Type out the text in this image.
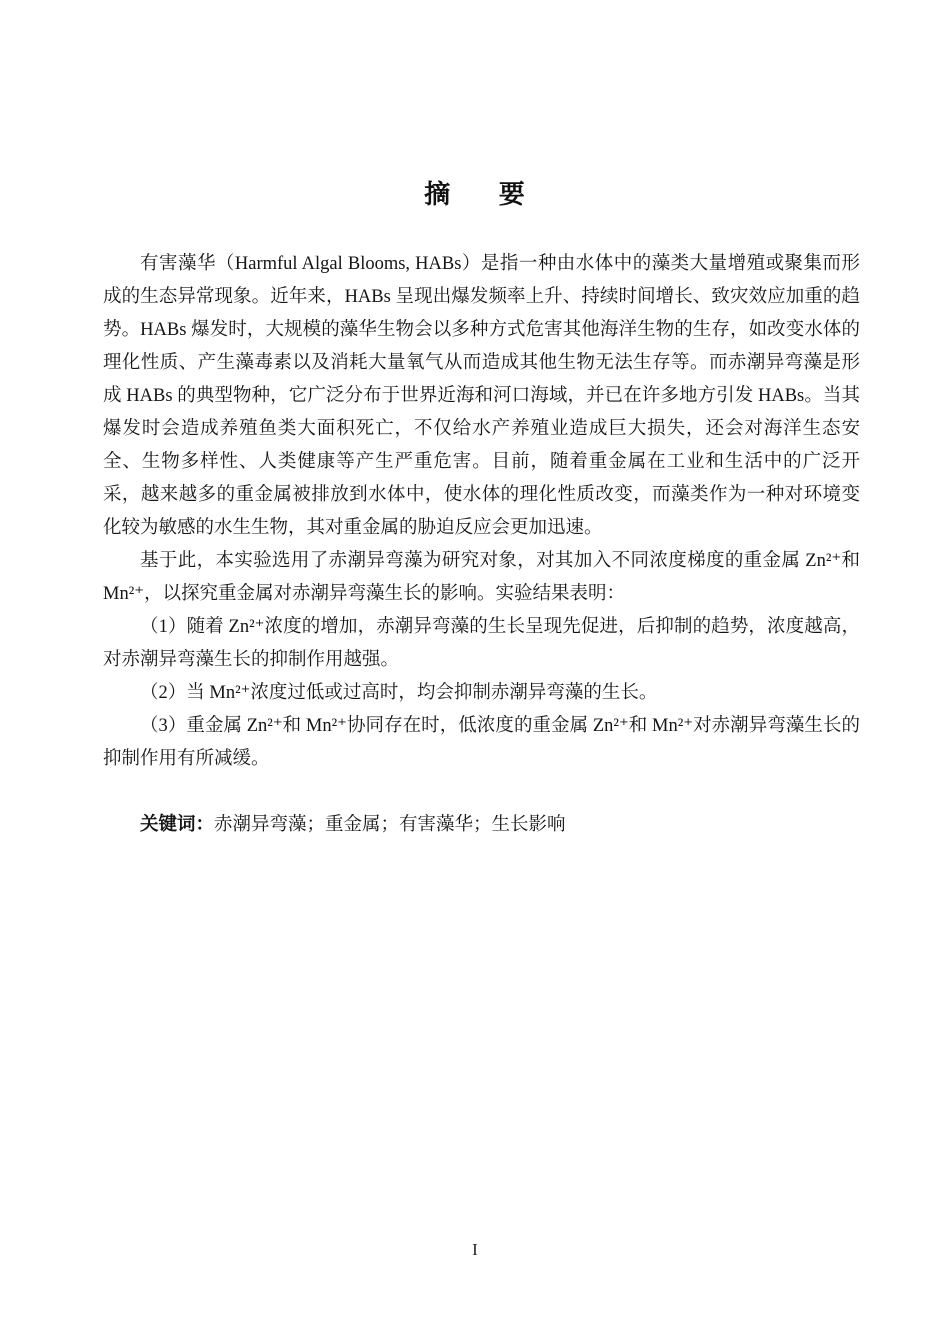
摘 要

有害藻华（Harmful Algal Blooms, HABs）是指一种由水体中的藻类大量增殖或聚集而形成的生态异常现象。近年来，HABs 呈现出爆发频率上升、持续时间增长、致灾效应加重的趋势。HABs 爆发时，大规模的藻华生物会以多种方式危害其他海洋生物的生存，如改变水体的理化性质、产生藻毒素以及消耗大量氧气从而造成其他生物无法生存等。而赤潮异弯藻是形成 HABs 的典型物种，它广泛分布于世界近海和河口海域，并已在许多地方引发 HABs。当其爆发时会造成养殖鱼类大面积死亡，不仅给水产养殖业造成巨大损失，还会对海洋生态安全、生物多样性、人类健康等产生严重危害。目前，随着重金属在工业和生活中的广泛开采，越来越多的重金属被排放到水体中，使水体的理化性质改变，而藻类作为一种对环境变化较为敏感的水生生物，其对重金属的胁迫反应会更加迅速。

基于此，本实验选用了赤潮异弯藻为研究对象，对其加入不同浓度梯度的重金属 Zn²⁺和 Mn²⁺，以探究重金属对赤潮异弯藻生长的影响。实验结果表明：

（1）随着 Zn²⁺浓度的增加，赤潮异弯藻的生长呈现先促进，后抑制的趋势，浓度越高，对赤潮异弯藻生长的抑制作用越强。

（2）当 Mn²⁺浓度过低或过高时，均会抑制赤潮异弯藻的生长。

（3）重金属 Zn²⁺和 Mn²⁺协同存在时，低浓度的重金属 Zn²⁺和 Mn²⁺对赤潮异弯藻生长的抑制作用有所减缓。

关键词：赤潮异弯藻；重金属；有害藻华；生长影响

I
